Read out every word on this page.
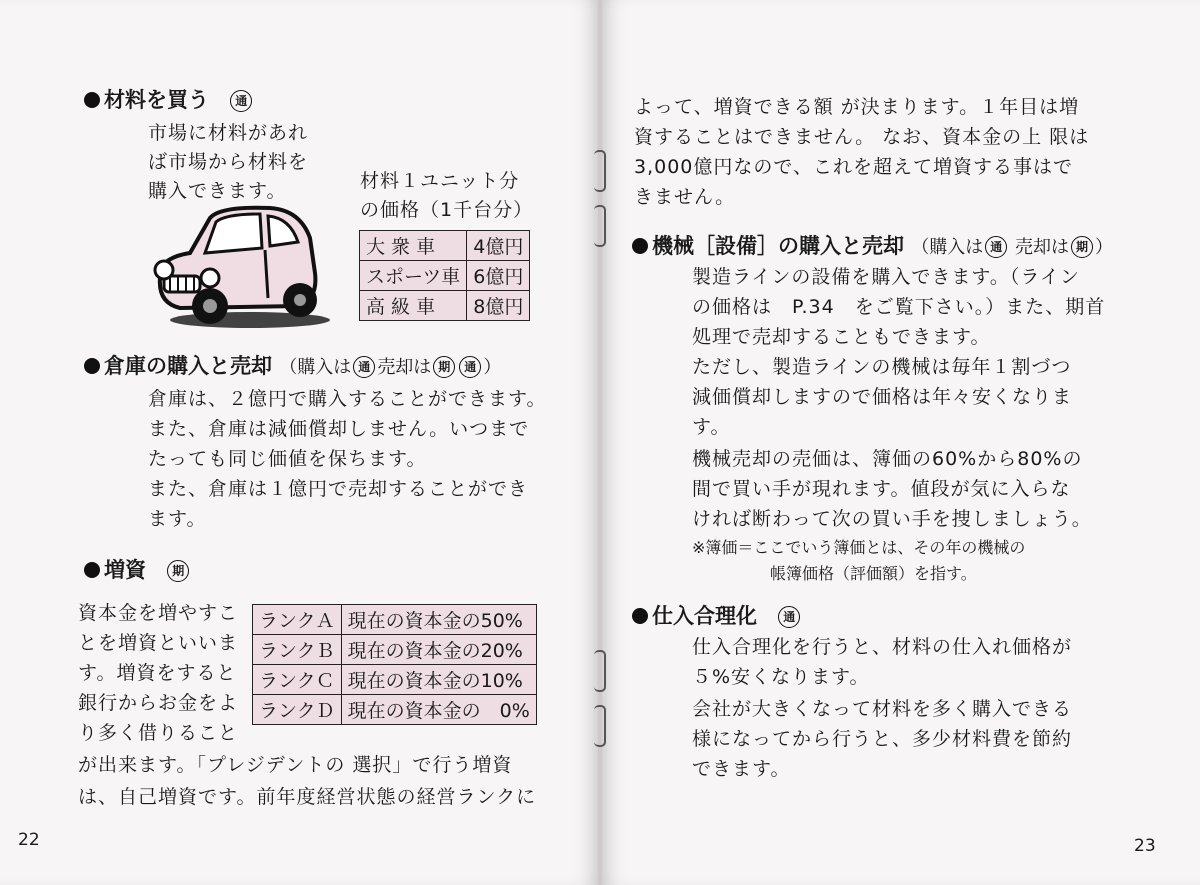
材料を買う 通
市場に材料があれ
ば市場から材料を
購入できます。	材料１ユニット分
の価格（1千台分）
大 衆 車	4億円
スポーツ車	6億円
高 級 車	8億円
倉庫の購入と売却 （購入は 通 売却は 期 通 ）
倉庫は、２億円で購入することができます。
また、倉庫は減価償却しません。いつまで
たっても同じ価値を保ちます。
また、倉庫は１億円で売却することができ
ます。
増資 期
資本金を増やすこ
とを増資といいま
す。増資をすると
銀行からお金をよ
り多く借りること
が出来ます。「プレジデントの 選択」で行う増資
は、自己増資です。前年度経営状態の経営ランクに
ランクＡ	現在の資本金の50%
ランクＢ	現在の資本金の20%
ランクＣ	現在の資本金の10%
ランクＤ	現在の資本金の　0%
22
よって、増資できる額 が決まります。１年目は増
資することはできません。 なお、資本金の上 限は
3,000億円なので、これを超えて増資する事はで
きません。
機械［設備］の購入と売却 （購入は 通 売却は 期 ）
製造ラインの設備を購入できます。（ライン
の価格は　P.34　をご覧下さい。）また、期首
処理で売却することもできます。
ただし、製造ラインの機械は毎年１割づつ
減価償却しますので価格は年々安くなりま
す。
機械売却の売価は、簿価の60%から80%の
間で買い手が現れます。値段が気に入らな
ければ断わって次の買い手を捜しましょう。
※簿価＝ここでいう簿価とは、その年の機械の
帳簿価格（評価額）を指す。
仕入合理化 通
仕入合理化を行うと、材料の仕入れ価格が
５%安くなります。
会社が大きくなって材料を多く購入できる
様になってから行うと、多少材料費を節約
できます。
23
